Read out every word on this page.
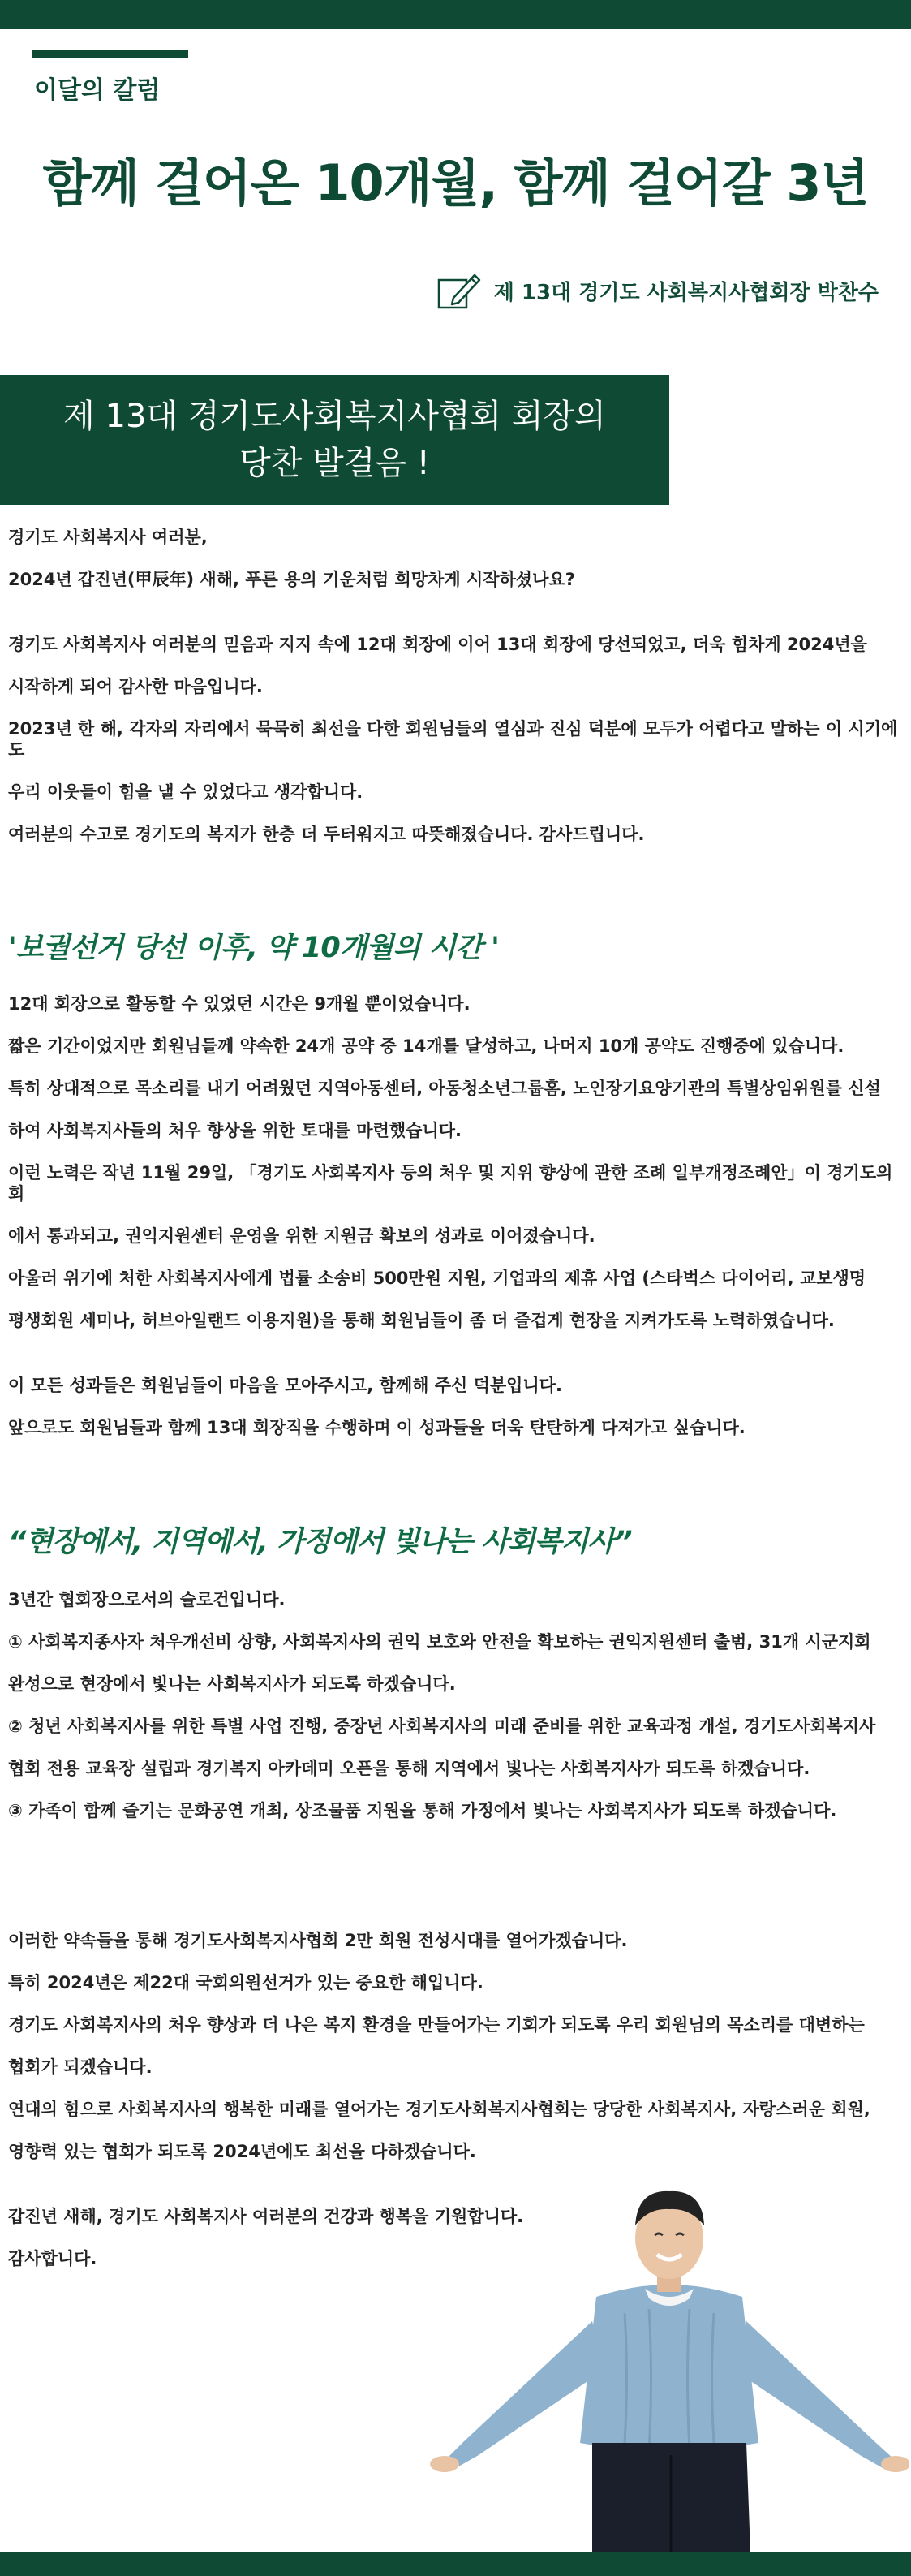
이달의 칼럼
함께 걸어온 10개월, 함께 걸어갈 3년
제 13대 경기도 사회복지사협회장 박찬수
제 13대 경기도사회복지사협회 회장의
당찬 발걸음 !
경기도 사회복지사 여러분,
2024년 갑진년(甲辰年) 새해, 푸른 용의 기운처럼 희망차게 시작하셨나요?
경기도 사회복지사 여러분의 믿음과 지지 속에 12대 회장에 이어 13대 회장에 당선되었고, 더욱 힘차게 2024년을
시작하게 되어 감사한 마음입니다.
2023년 한 해, 각자의 자리에서 묵묵히 최선을 다한 회원님들의 열심과 진심 덕분에 모두가 어렵다고 말하는 이 시기에도
우리 이웃들이 힘을 낼 수 있었다고 생각합니다.
여러분의 수고로 경기도의 복지가 한층 더 두터워지고 따뜻해졌습니다. 감사드립니다.
'보궐선거 당선 이후, 약 10개월의 시간 '
12대 회장으로 활동할 수 있었던 시간은 9개월 뿐이었습니다.
짧은 기간이었지만 회원님들께 약속한 24개 공약 중 14개를 달성하고, 나머지 10개 공약도 진행중에 있습니다.
특히 상대적으로 목소리를 내기 어려웠던 지역아동센터, 아동청소년그룹홈, 노인장기요양기관의 특별상임위원를 신설
하여 사회복지사들의 처우 향상을 위한 토대를 마련했습니다.
이런 노력은 작년 11월 29일, 「경기도 사회복지사 등의 처우 및 지위 향상에 관한 조례 일부개정조례안」이 경기도의회
에서 통과되고, 권익지원센터 운영을 위한 지원금 확보의 성과로 이어졌습니다.
아울러 위기에 처한 사회복지사에게 법률 소송비 500만원 지원, 기업과의 제휴 사업 (스타벅스 다이어리, 교보생명
평생회원 세미나, 허브아일랜드 이용지원)을 통해 회원님들이 좀 더 즐겁게 현장을 지켜가도록 노력하였습니다.
이 모든 성과들은 회원님들이 마음을 모아주시고, 함께해 주신 덕분입니다.
앞으로도 회원님들과 함께 13대 회장직을 수행하며 이 성과들을 더욱 탄탄하게 다져가고 싶습니다.
“현장에서, 지역에서, 가정에서 빛나는 사회복지사”
3년간 협회장으로서의 슬로건입니다.
① 사회복지종사자 처우개선비 상향, 사회복지사의 권익 보호와 안전을 확보하는 권익지원센터 출범, 31개 시군지회
완성으로 현장에서 빛나는 사회복지사가 되도록 하겠습니다.
② 청년 사회복지사를 위한 특별 사업 진행, 중장년 사회복지사의 미래 준비를 위한 교육과정 개설, 경기도사회복지사
협회 전용 교육장 설립과 경기복지 아카데미 오픈을 통해 지역에서 빛나는 사회복지사가 되도록 하겠습니다.
③ 가족이 함께 즐기는 문화공연 개최, 상조물품 지원을 통해 가정에서 빛나는 사회복지사가 되도록 하겠습니다.
이러한 약속들을 통해 경기도사회복지사협회 2만 회원 전성시대를 열어가겠습니다.
특히 2024년은 제22대 국회의원선거가 있는 중요한 해입니다.
경기도 사회복지사의 처우 향상과 더 나은 복지 환경을 만들어가는 기회가 되도록 우리 회원님의 목소리를 대변하는
협회가 되겠습니다.
연대의 힘으로 사회복지사의 행복한 미래를 열어가는 경기도사회복지사협회는 당당한 사회복지사, 자랑스러운 회원,
영향력 있는 협회가 되도록 2024년에도 최선을 다하겠습니다.
갑진년 새해, 경기도 사회복지사 여러분의 건강과 행복을 기원합니다.
감사합니다.
